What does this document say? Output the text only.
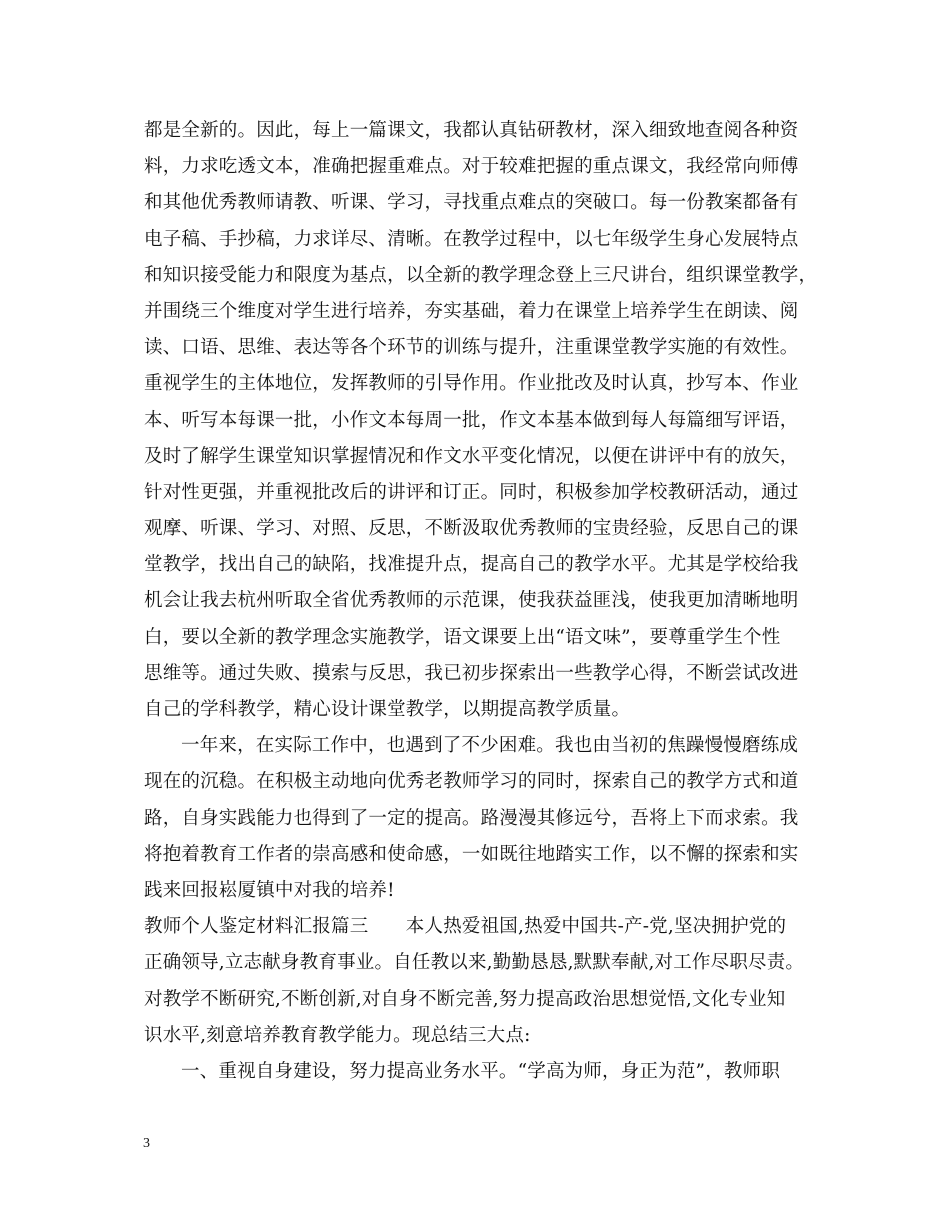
都是全新的。因此，每上一篇课文，我都认真钻研教材，深入细致地查阅各种资
料，力求吃透文本，准确把握重难点。对于较难把握的重点课文，我经常向师傅
和其他优秀教师请教、听课、学习，寻找重点难点的突破口。每一份教案都备有
电子稿、手抄稿，力求详尽、清晰。在教学过程中，以七年级学生身心发展特点
和知识接受能力和限度为基点，以全新的教学理念登上三尺讲台，组织课堂教学，
并围绕三个维度对学生进行培养，夯实基础，着力在课堂上培养学生在朗读、阅
读、口语、思维、表达等各个环节的训练与提升，注重课堂教学实施的有效性。
重视学生的主体地位，发挥教师的引导作用。作业批改及时认真，抄写本、作业
本、听写本每课一批，小作文本每周一批，作文本基本做到每人每篇细写评语，
及时了解学生课堂知识掌握情况和作文水平变化情况，以便在讲评中有的放矢，
针对性更强，并重视批改后的讲评和订正。同时，积极参加学校教研活动，通过
观摩、听课、学习、对照、反思，不断汲取优秀教师的宝贵经验，反思自己的课
堂教学，找出自己的缺陷，找准提升点，提高自己的教学水平。尤其是学校给我
机会让我去杭州听取全省优秀教师的示范课，使我获益匪浅，使我更加清晰地明
白，要以全新的教学理念实施教学，语文课要上出“语文味”，要尊重学生个性
思维等。通过失败、摸索与反思，我已初步探索出一些教学心得，不断尝试改进
自己的学科教学，精心设计课堂教学，以期提高教学质量。
一年来，在实际工作中，也遇到了不少困难。我也由当初的焦躁慢慢磨练成
现在的沉稳。在积极主动地向优秀老教师学习的同时，探索自己的教学方式和道
路，自身实践能力也得到了一定的提高。路漫漫其修远兮，吾将上下而求索。我
将抱着教育工作者的崇高感和使命感，一如既往地踏实工作，以不懈的探索和实
践来回报崧厦镇中对我的培养!
教师个人鉴定材料汇报篇三　　本人热爱祖国,热爱中国共-产-党,坚决拥护党的
正确领导,立志献身教育事业。自任教以来,勤勤恳恳,默默奉献,对工作尽职尽责。
对教学不断研究,不断创新,对自身不断完善,努力提高政治思想觉悟,文化专业知
识水平,刻意培养教育教学能力。现总结三大点:
一、重视自身建设，努力提高业务水平。“学高为师，身正为范”，教师职
3
